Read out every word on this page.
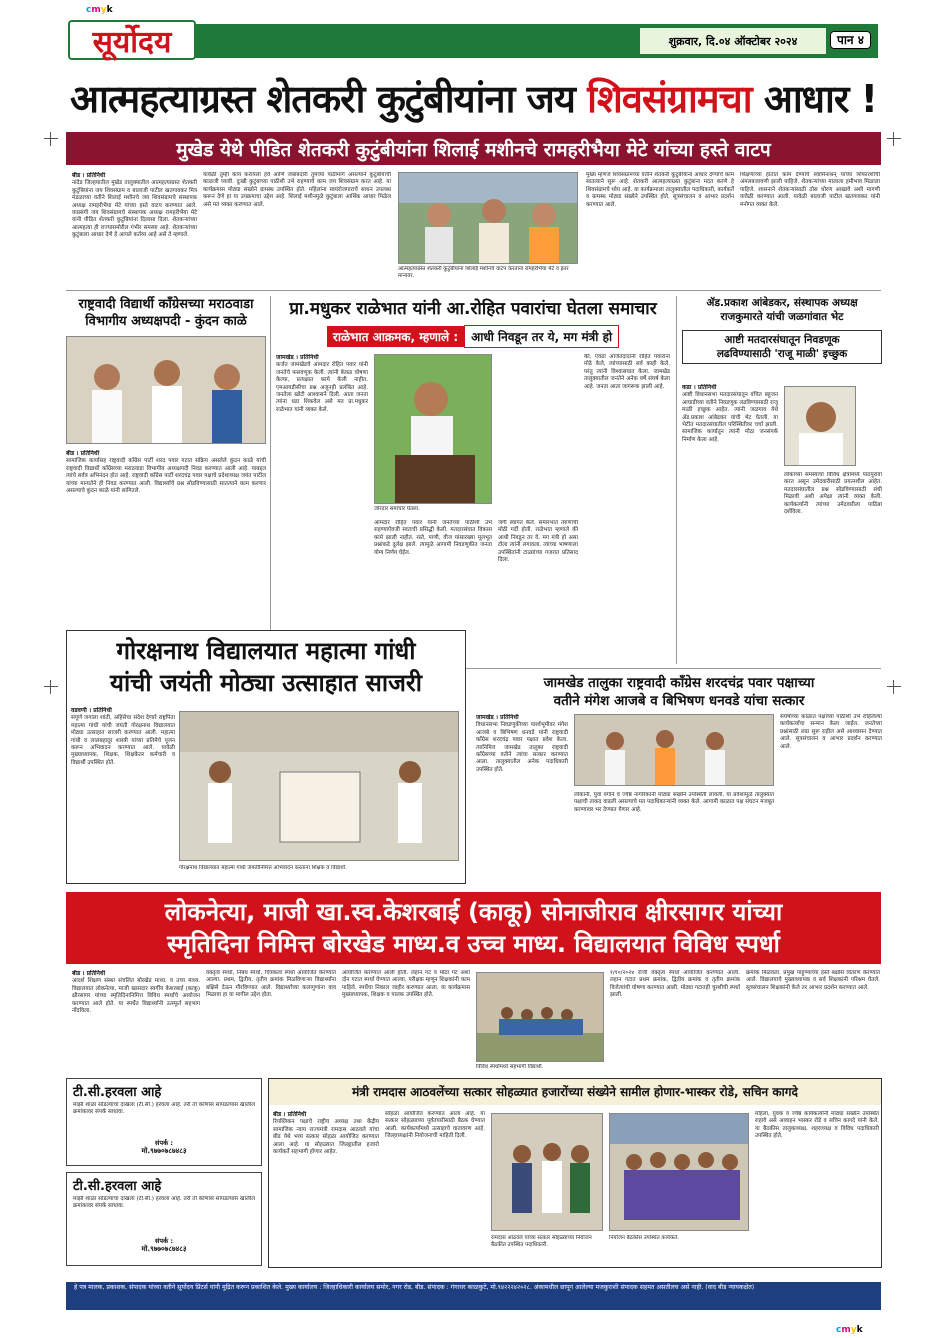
cmyk
cmyk
सूर्योदय	शुक्रवार, दि.०४ ऑक्टोबर २०२४	पान ४
आत्महत्याग्रस्त शेतकरी कुटुंबीयांना जय शिवसंग्रामचा आधार !
मुखेड येथे पीडित शेतकरी कुटुंबीयांना शिलाई मशीनचे रामहरीभैया मेटे यांच्या हस्ते वाटप
बीड । प्रतिनिधी
नांदेड जिल्हयातील मुखेड तालुक्यातील आत्महत्याग्रस्त शेतकरी कुटुंबियांना जय शिवसंग्राम व बालाजी पाटील खतगावकर मित्र मंडळाच्या वतीने शिलाई मशीनचे जय शिवसंग्रामचे संस्थापक अध्यक्ष रामहरीभैया मेटे यांच्या हस्ते वाटप करण्यात आले. याप्रसंगी जय शिवसंग्रामचे संस्थापक अध्यक्ष रामहरीभैया मेटे यांनी पीडित शेतकरी कुटुंबियांना दिलासा दिला. शेतकऱ्यांच्या आत्महत्या ही राज्यासमोरील गंभीर समस्या आहे. शेतकऱ्यांच्या कुटुंबाला आधार देणे हे आपले कर्तव्य आहे असे ते म्हणाले.
यावेळी तुम्ही काय करायला हवे आणि जबाबदारी तुमच्या पाठीमागे असल्याने कुटुंबीयांची काळजी घ्यावी. दुःखी कुटुंबाच्या पाठीशी उभे राहण्याचे काम जय शिवसंग्राम करत आहे. या कार्यक्रमास मोठ्या संख्येने ग्रामस्थ उपस्थित होते. महिलांना स्वयंरोजगाराचे साधन उपलब्ध करून देणे हा या उपक्रमाचा उद्देश आहे. शिलाई मशीनमुळे कुटुंबाला आर्थिक आधार मिळेल असे मत व्यक्त करण्यात आले.
आत्महत्याग्रस्त शेतकरी कुटुंबीयांना शिलाई मशीनचे वाटप करताना रामहरीभैया मेटे व इतर मान्यवर.
मुख्य म्हणजे शिवसंग्रामच्या वतीने शेतकरी कुटुंबीयांना आधार देण्याचे काम सातत्याने सुरू आहे. शेतकरी आत्महत्याग्रस्त कुटुंबांना मदत करणे हे शिवसंग्रामचे ध्येय आहे. या कार्यक्रमाला तालुक्यातील पदाधिकारी, कार्यकर्ते व ग्रामस्थ मोठ्या संख्येने उपस्थित होते. सूत्रसंचालन व आभार प्रदर्शन करण्यात आले.
शिक्षणाच्या हातात काम देण्याचे स्वामिनाथन्‌ यांच्या शिफारशीची अंमलबजावणी झाली पाहिजे. शेतकऱ्यांच्या मालाला हमीभाव मिळाला पाहिजे. शासनाने शेतकऱ्यांसाठी ठोस धोरण आखावे अशी मागणी यावेळी करण्यात आली. यावेळी बालाजी पाटील खतगावकर यांनी मनोगत व्यक्त केले.
राष्ट्रवादी विद्यार्थी काँग्रेसच्या मराठवाडा विभागीय अध्यक्षपदी - कुंदन काळे
बीड । प्रतिनिधी
सामाजिक कार्यासह राष्ट्रवादी काँग्रेस पार्टी शरद पवार गटात सक्रिय असलेले कुंदन काळे यांची राष्ट्रवादी विद्यार्थी काँग्रेसच्या मराठवाडा विभागीय अध्यक्षपदी निवड करण्यात आली आहे. याबद्दल त्यांचे सर्वत्र अभिनंदन होत आहे. राष्ट्रवादी काँग्रेस पार्टी शरदचंद्र पवार पक्षाचे प्रदेशाध्यक्ष जयंत पाटील यांच्या मान्यतेने ही निवड करण्यात आली. विद्यार्थ्यांचे प्रश्न सोडविण्यासाठी सातत्याने काम करणार असल्याचे कुंदन काळे यांनी सांगितले.
प्रा.मधुकर राळेभात यांनी आ.रोहित पवारांचा घेतला समाचार
राळेभात आक्रमक, म्हणाले :	आधी निवडून तर ये, मग मंत्री हो
जामखेड । प्रतिनिधी
कर्जत जामखेडचे आमदार रोहित पवार यांनी जनतेचे फसवणूक केली. त्यांनी केवळ घोषणा केल्या, प्रत्यक्षात कामे केली नाहीत. एमआयडीसीचा प्रश्न अजूनही प्रलंबित आहे. जनतेला खोटी आश्वासने दिली. आता जनता त्यांना धडा शिकवेल असे मत प्रा.मधुकर राळेभात यांनी व्यक्त केले.
जोरदार समाचार घेतला.
आमदार रोहित पवार यांनी जनतेच्या पाठीशी उभे राहण्याऐवजी स्वतःची प्रसिद्धी केली. मतदारसंघात विकास कामे झाली नाहीत. रस्ते, पाणी, वीज यांसारख्या मूलभूत प्रश्नांकडे दुर्लक्ष झाले. त्यामुळे आगामी निवडणुकीत जनता योग्य निर्णय घेईल.
जंगी स्वागत केले. समारंभात तरुणांची मोठी गर्दी होती. राळेभात म्हणाले की आधी निवडून तर ये, मग मंत्री हो असा टोला त्यांनी लगावला. त्यांच्या भाषणाला उपस्थितांनी टाळ्यांच्या गजरात प्रतिसाद दिला.
की, एवढा अजितदादांनी रोहित पवारांना मोठे केले, त्यांच्यासाठी सर्व काही केले. परंतु त्यांनी विश्वासघात केला. जामखेड तालुक्यातील जनतेने अनेक वर्षे संघर्ष केला आहे. जनता आता जागरूक झाली आहे.
ॲड.प्रकाश आंबेडकर, संस्थापक अध्यक्ष
राजकुमारते यांची जळगांवात भेट
आष्टी मतदारसंघातून निवडणूक
लढविण्यासाठी 'राजू माळी' इच्छुक
कडा । प्रतिनिधी
आष्टी विधानसभा मतदारसंघातून वंचित बहुजन आघाडीच्या वतीने निवडणूक लढविण्यासाठी राजू माळी इच्छुक आहेत. त्यांनी जळगाव येथे ॲड.प्रकाश आंबेडकर यांची भेट घेतली. या भेटीत मतदारसंघातील परिस्थितीवर चर्चा झाली. सामाजिक कार्यातून त्यांनी मोठा जनसंपर्क निर्माण केला आहे.
लोकांच्या समस्यांचा विविध क्षेत्रांमध्ये पाठपुरावा करत असून उमेदवारीसाठी प्रयत्नशील आहेत. मतदारसंघातील प्रश्न सोडविण्यासाठी संधी मिळावी अशी अपेक्षा त्यांनी व्यक्त केली. कार्यकर्त्यांनी त्यांच्या उमेदवारीला पाठिंबा दर्शविला.
गोरक्षनाथ विद्यालयात महात्मा गांधी
यांची जयंती मोठ्या उत्साहात साजरी
वडवणी । प्रतिनिधी
संपूर्ण जगाला शांती, अहिंसेचा संदेश देणारे राष्ट्रपिता महात्मा गांधी यांची जयंती गोरक्षनाथ विद्यालयात मोठ्या उत्साहात साजरी करण्यात आली. महात्मा गांधी व लालबहादूर शास्त्री यांच्या प्रतिमेचे पूजन करून अभिवादन करण्यात आले. यावेळी मुख्याध्यापक, शिक्षक, शिक्षकेतर कर्मचारी व विद्यार्थी उपस्थित होते.
गोरक्षनाथ विद्यालयात महात्मा गांधी जयंतीनिमित्त अभिवादन करताना शिक्षक व विद्यार्थी.
जामखेड तालुका राष्ट्रवादी काँग्रेस शरदचंद्र पवार पक्षाच्या
वतीने मंगेश आजबे व बिभिषण धनवडे यांचा सत्कार
जामखेड । प्रतिनिधी
विधानसभा निवडणुकीच्या पार्श्वभूमीवर मंगेश आजबे व बिभिषण धनवडे यांनी राष्ट्रवादी काँग्रेस शरदचंद्र पवार पक्षात प्रवेश केला. त्यानिमित्त जामखेड तालुका राष्ट्रवादी काँग्रेसच्या वतीने त्यांचा सत्कार करण्यात आला. तालुक्यातील अनेक पदाधिकारी उपस्थित होते.
लोकांनी, युवा वर्गाने व ज्येष्ठ नागरिकांनी मोठ्या संख्येने उपस्थिती लावली. या प्रवेशामुळे तालुक्यात पक्षाची ताकद वाढली असल्याचे मत पदाधिकाऱ्यांनी व्यक्त केले. आगामी काळात पक्ष संघटन मजबूत करण्यावर भर देण्यात येणार आहे.
संघर्षाच्या काळात पक्षाच्या पाठीशी उभे राहिलेल्या कार्यकर्त्यांचा सन्मान केला जाईल. जनतेच्या प्रश्नांसाठी लढा सुरू राहील असे आश्वासन देण्यात आले. सूत्रसंचालन व आभार प्रदर्शन करण्यात आले.
लोकनेत्या, माजी खा.स्व.केशरबाई (काकू) सोनाजीराव क्षीरसागर यांच्या
स्मृतिदिना निमित्त बोरखेड माध्य.व उच्च माध्य. विद्यालयात विविध स्पर्धा
बीड । प्रतिनिधी
आदर्श शिक्षण संस्था संचलित बोरखेड माध्य. व उच्च माध्य. विद्यालयात लोकनेत्या, माजी खासदार स्वर्गीय केशरबाई (काकू) क्षीरसागर यांच्या स्मृतिदिनानिमित्त विविध स्पर्धांचे आयोजन करण्यात आले होते. या स्पर्धेत विद्यार्थ्यांनी उत्स्फूर्त सहभाग नोंदविला.
वक्तृत्व स्पर्धा, निबंध स्पर्धा, चित्रकला स्पर्धा आयोजित करण्यात आल्या. प्रथम, द्वितीय, तृतीय क्रमांक मिळविणाऱ्या विद्यार्थ्यांना बक्षिसे देऊन गौरविण्यात आले. विद्यार्थ्यांच्या कलागुणांना वाव मिळावा हा या मागील उद्देश होता.
आयोजित करण्यात आली होती. लहान गट व मोठा गट अशा दोन गटात स्पर्धा घेण्यात आल्या. परीक्षक म्हणून शिक्षकांनी काम पाहिले. स्पर्धेचा निकाल जाहीर करण्यात आला. या कार्यक्रमास मुख्याध्यापक, शिक्षक व पालक उपस्थित होते.
विविध स्पर्धांमध्ये सहभागी विद्यार्थी.
१/१०/२०२४ रोजी वक्तृत्व स्पर्धा आयोजित करण्यात आली. लहान गटात प्रथम क्रमांक, द्वितीय क्रमांक व तृतीय क्रमांक विजेत्यांची घोषणा करण्यात आली. मोठ्या गटातही चुरशीची स्पर्धा झाली.
क्रमांक मिळवला. प्रमुख पाहुण्यांच्या हस्ते बक्षीस वितरण करण्यात आले. विद्यालयाचे मुख्याध्यापक व सर्व शिक्षकांनी परिश्रम घेतले. सूत्रसंचालन शिक्षकांनी केले तर आभार प्रदर्शन करण्यात आले.
टी.सी.हरवला आहे
माझी शाळा सोडल्याचा दाखला (टी.सी.) हरवला आहे. तरी तो कोणास सापडल्यास खालील क्रमांकावर संपर्क साधावा.
संपर्क :
मो.९७७०७८७४८३
टी.सी.हरवला आहे
माझी शाळा सोडल्याचा दाखला (टी.सी.) हरवला आहे. तरी तो कोणास सापडल्यास खालील क्रमांकावर संपर्क साधावा.
संपर्क :
मो.९७७०७८७४८३
मंत्री रामदास आठवलेंच्या सत्कार सोहळ्यात हजारोंच्या संख्येने सामील होणार-भास्कर रोडे, सचिन कागदे
बीड । प्रतिनिधी
रिपब्लिकन पक्षाचे राष्ट्रीय अध्यक्ष तथा केंद्रीय सामाजिक न्याय राज्यमंत्री रामदास आठवले यांचा बीड येथे भव्य सत्कार सोहळा आयोजित करण्यात आला आहे. या सोहळ्यात जिल्ह्यातील हजारो कार्यकर्ते सहभागी होणार आहेत.
सोहळा आयोजित करण्यात आला आहे. या सत्कार सोहळ्याच्या पूर्वतयारीसाठी बैठक घेण्यात आली. कार्यकर्त्यांमध्ये उत्साहाचे वातावरण आहे. जिल्हाध्यक्षांनी नियोजनाची माहिती दिली.
रामदास आठवले यांच्या सत्कार सोहळ्याच्या नियोजन बैठकीत उपस्थित पदाधिकारी.
नियोजन बैठकीस उपस्थित कार्यकर्ते.
महिला, युवक व ज्येष्ठ कार्यकर्त्यांनी मोठ्या संख्येने उपस्थित राहावे असे आवाहन भास्कर रोडे व सचिन कागदे यांनी केले. या बैठकीस तालुकाध्यक्ष, शहराध्यक्ष व विविध पदाधिकारी उपस्थित होते.
हे पत्र मालक, प्रकाशक, संपादक यांच्या वतीने सूर्योदय प्रिंटर्स यांनी मुद्रित करून प्रकाशित केले. मुख्य कार्यालय : जिल्हाधिकारी कार्यालय समोर, नगर रोड, बीड. संपादक : गंगाधर काळकुटे, मो.९४२२२४२०२८. अंकामधील छापून आलेल्या मजकुराशी संपादक सहमत असतीलच असे नाही. (वाद बीड न्यायकक्षेत)
